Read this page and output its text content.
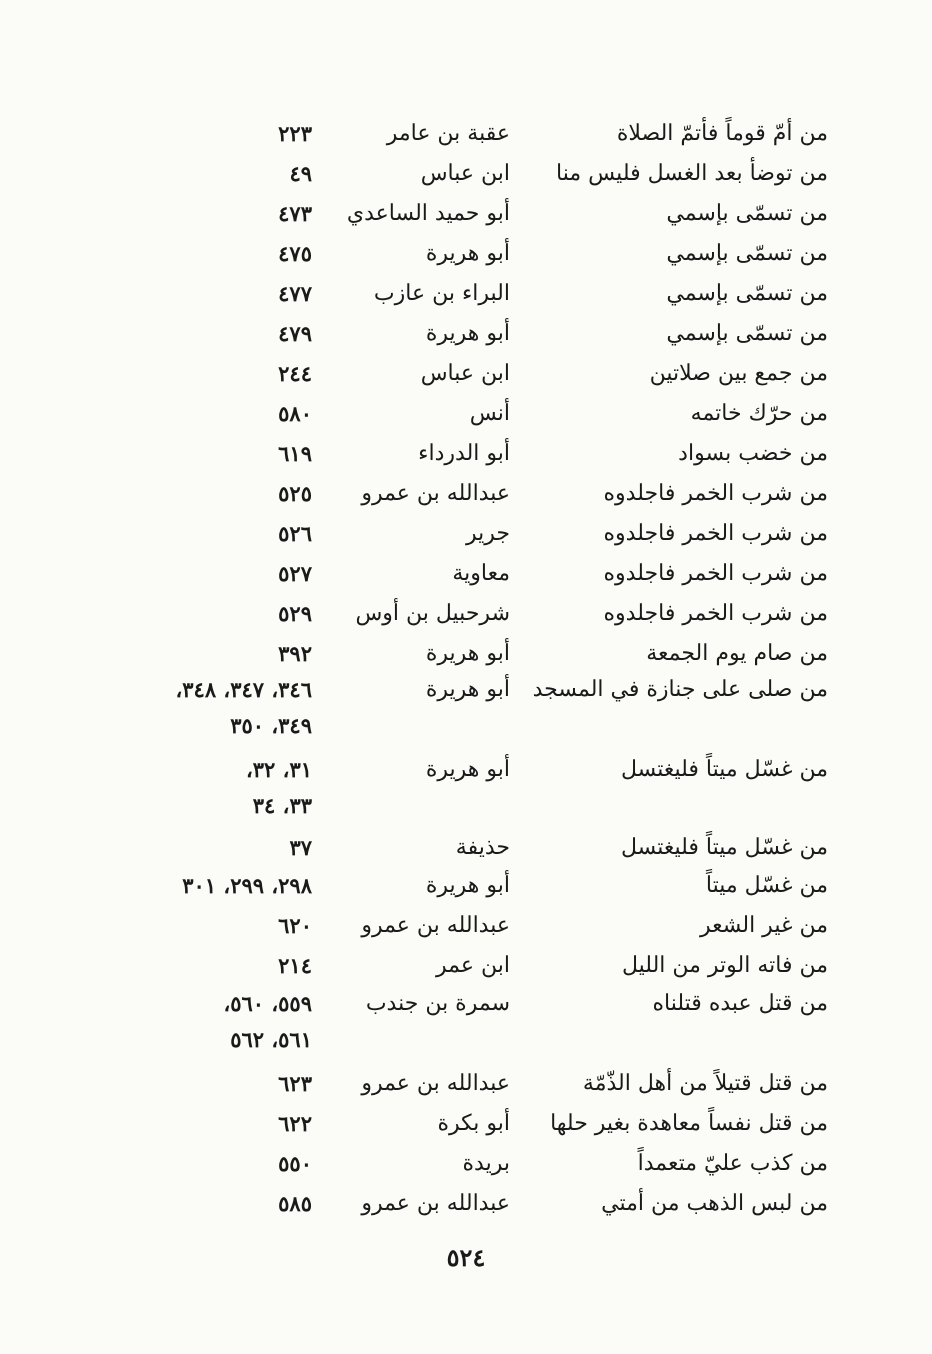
من أمّ قوماً فأتمّ الصلاة
عقبة بن عامر
٢٢٣
من توضأ بعد الغسل فليس منا
ابن عباس
٤٩
من تسمّى بإسمي
أبو حميد الساعدي
٤٧٣
من تسمّى بإسمي
أبو هريرة
٤٧٥
من تسمّى بإسمي
البراء بن عازب
٤٧٧
من تسمّى بإسمي
أبو هريرة
٤٧٩
من جمع بين صلاتين
ابن عباس
٢٤٤
من حرّك خاتمه
أنس
٥٨٠
من خضب بسواد
أبو الدرداء
٦١٩
من شرب الخمر فاجلدوه
عبدالله بن عمرو
٥٢٥
من شرب الخمر فاجلدوه
جرير
٥٢٦
من شرب الخمر فاجلدوه
معاوية
٥٢٧
من شرب الخمر فاجلدوه
شرحبيل بن أوس
٥٢٩
من صام يوم الجمعة
أبو هريرة
٣٩٢
من صلى على جنازة في المسجد
أبو هريرة
٣٤٦، ٣٤٧، ٣٤٨،
٣٤٩، ٣٥٠
من غسّل ميتاً فليغتسل
أبو هريرة
٣١، ٣٢،
٣٣، ٣٤
من غسّل ميتاً فليغتسل
حذيفة
٣٧
من غسّل ميتاً
أبو هريرة
٢٩٨، ٢٩٩، ٣٠١
من غير الشعر
عبدالله بن عمرو
٦٢٠
من فاته الوتر من الليل
ابن عمر
٢١٤
من قتل عبده قتلناه
سمرة بن جندب
٥٥٩، ٥٦٠،
٥٦١، ٥٦٢
من قتل قتيلاً من أهل الذّمّة
عبدالله بن عمرو
٦٢٣
من قتل نفساً معاهدة بغير حلها
أبو بكرة
٦٢٢
من كذب عليّ متعمداً
بريدة
٥٥٠
من لبس الذهب من أمتي
عبدالله بن عمرو
٥٨٥
٥٢٤
